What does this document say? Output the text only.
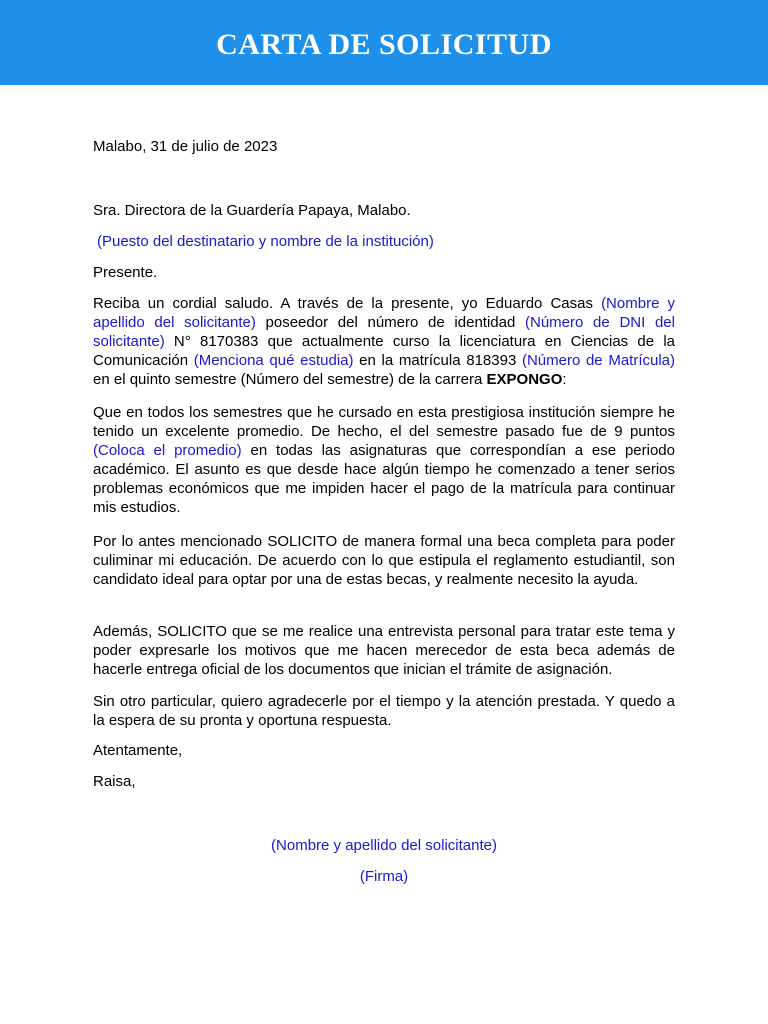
CARTA DE SOLICITUD

Malabo, 31 de julio de 2023

Sra. Directora de la Guardería Papaya, Malabo.

(Puesto del destinatario y nombre de la institución)

Presente.

Reciba un cordial saludo. A través de la presente, yo Eduardo Casas (Nombre y apellido del solicitante) poseedor del número de identidad (Número de DNI del solicitante) N° 8170383 que actualmente curso la licenciatura en Ciencias de la Comunicación (Menciona qué estudia) en la matrícula 818393 (Número de Matrícula) en el quinto semestre (Número del semestre) de la carrera EXPONGO:

Que en todos los semestres que he cursado en esta prestigiosa institución siempre he tenido un excelente promedio. De hecho, el del semestre pasado fue de 9 puntos (Coloca el promedio) en todas las asignaturas que correspondían a ese periodo académico. El asunto es que desde hace algún tiempo he comenzado a tener serios problemas económicos que me impiden hacer el pago de la matrícula para continuar mis estudios.

Por lo antes mencionado SOLICITO de manera formal una beca completa para poder culiminar mi educación. De acuerdo con lo que estipula el reglamento estudiantil, son candidato ideal para optar por una de estas becas, y realmente necesito la ayuda.

Además, SOLICITO que se me realice una entrevista personal para tratar este tema y poder expresarle los motivos que me hacen merecedor de esta beca además de hacerle entrega oficial de los documentos que inician el trámite de asignación.

Sin otro particular, quiero agradecerle por el tiempo y la atención prestada. Y quedo a la espera de su pronta y oportuna respuesta.

Atentamente,

Raisa,

(Nombre y apellido del solicitante)
(Firma)
